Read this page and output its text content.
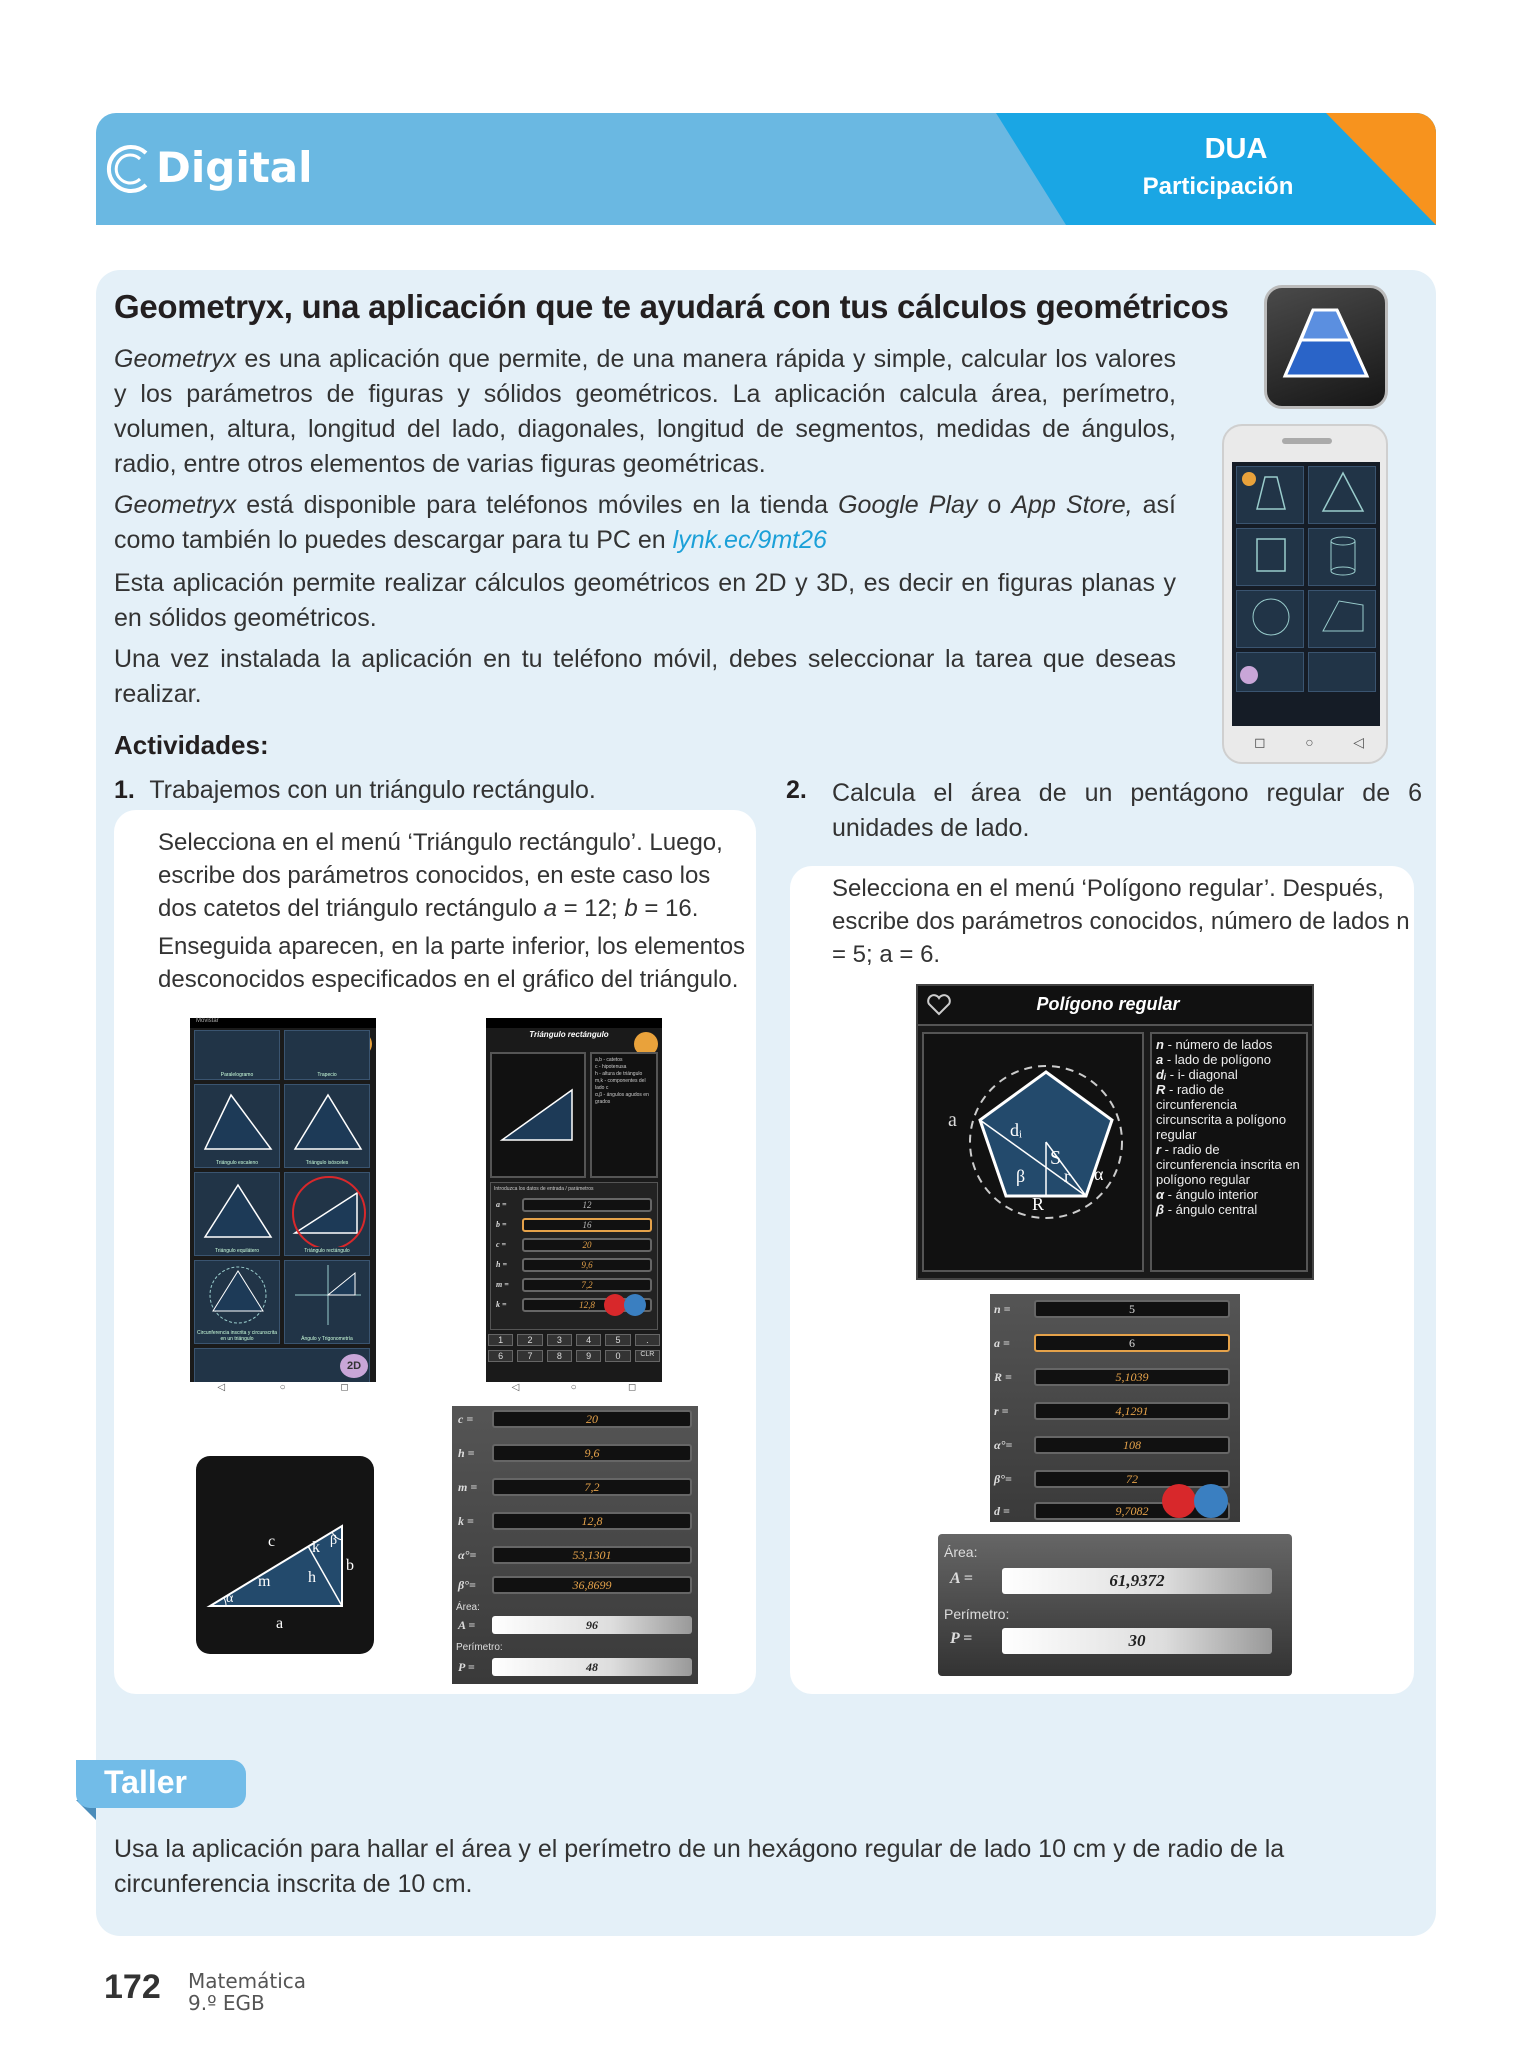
Digital	DUA
Participación
Geometryx, una aplicación que te ayudará con tus cálculos geométricos
Geometryx es una aplicación que permite, de una manera rápida y simple, calcular los valores y los parámetros de figuras y sólidos geométricos. La aplicación calcula área, perímetro, volumen, altura, longitud del lado, diagonales, longitud de segmentos, medidas de ángulos, radio, entre otros elementos de varias figuras geométricas.
Geometryx está disponible para teléfonos móviles en la tienda Google Play o App Store, así como también lo puedes descargar para tu PC en lynk.ec/9mt26
Esta aplicación permite realizar cálculos geométricos en 2D y 3D, es decir en figuras planas y en sólidos geométricos.
Una vez instalada la aplicación en tu teléfono móvil, debes seleccionar la tarea que deseas realizar.
◻	○	◁
Actividades:
1. Trabajemos con un triángulo rectángulo.	2. Calcula el área de un pentágono regular de 6 unidades de lado.
Selecciona en el menú ‘Triángulo rectángulo’. Luego, escribe dos parámetros conocidos, en este caso los dos catetos del triángulo rectángulo a = 12; b = 16.
Enseguida aparecen, en la parte inferior, los elementos desconocidos especificados en el gráfico del triángulo.
Selecciona en el menú ‘Polígono regular’. Después, escribe dos parámetros conocidos, número de lados n = 5; a = 6.
Movistar
Paralelogramo	Trapecio
Triángulo escaleno	Triángulo isósceles
Triángulo equilátero	Triángulo rectángulo
Circunferencia inscrita y circunscrita en un triángulo	Ángulo y Trigonometría
2D
◁	○	◻
Triángulo rectángulo
a,b - catetos
c - hipotenusa
h - altura de triángulo
m,k - componentes del lado c
α,β - ángulos agudos en grados
Introduzca los datos de entrada / parámetros
a =	12
b =	16
c =	20
h =	9,6
m =	7,2
k =	12,8
1	2	3	4	5	.
6	7	8	9	0	CLR
◁	○	◻
c k β
b
h
m
α
a
c =	20
h =	9,6
m =	7,2
k =	12,8
α°=	53,1301
β°=	36,8699
Área:
A =	96
Perímetro:
P =	48
Polígono regular
a	dᵢ
S
β r α
R
n - número de lados
a - lado de polígono
dᵢ - i- diagonal
R - radio de circunferencia circunscrita a polígono regular
r - radio de circunferencia inscrita en polígono regular
α - ángulo interior
β - ángulo central
n =	5
a =	6
R =	5,1039
r =	4,1291
α°=	108
β°=	72
d =	9,7082
Área:
A =	61,9372
Perímetro:
P =	30
Taller
Usa la aplicación para hallar el área y el perímetro de un hexágono regular de lado 10 cm y de radio de la circunferencia inscrita de 10 cm.
172 Matemática
9.º EGB
